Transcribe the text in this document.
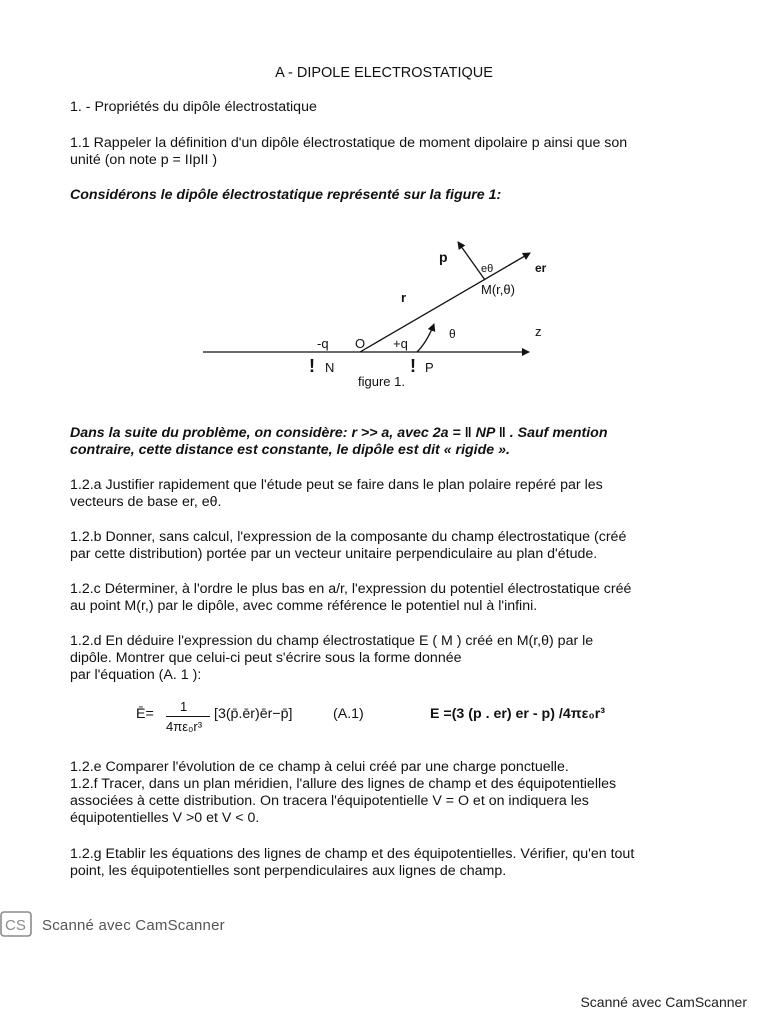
A - DIPOLE ELECTROSTATIQUE

1. - Propriétés du dipôle électrostatique

1.1 Rappeler la définition d'un dipôle électrostatique de moment dipolaire p ainsi que son

unité (on note p = IIpII )

Considérons le dipôle électrostatique représenté sur la figure 1:

p
eθ	er
M(r,θ)
r
θ	z
-q O +q
! N	! P
figure 1.

Dans la suite du problème, on considère: r >> a, avec 2a = ‖ NP ‖ . Sauf mention

contraire, cette distance est constante, le dipôle est dit « rigide ».

1.2.a Justifier rapidement que l'étude peut se faire dans le plan polaire repéré par les

vecteurs de base er, eθ.

1.2.b Donner, sans calcul, l'expression de la composante du champ électrostatique (créé

par cette distribution) portée par un vecteur unitaire perpendiculaire au plan d'étude.

1.2.c Déterminer, à l'ordre le plus bas en a/r, l'expression du potentiel électrostatique créé

au point M(r,) par le dipôle, avec comme référence le potentiel nul à l'infini.

1.2.d En déduire l'expression du champ électrostatique E ( M ) créé en M(r,θ) par le

dipôle. Montrer que celui-ci peut s'écrire sous la forme donnée

par l'équation (A. 1 ):

Ē= 1
4πε₀r³
[3(p̄.ēr)ēr−p̄]	(A.1)	E =(3 (p . er) er - p) /4πε₀r³

1.2.e Comparer l'évolution de ce champ à celui créé par une charge ponctuelle.

1.2.f Tracer, dans un plan méridien, l'allure des lignes de champ et des équipotentielles

associées à cette distribution. On tracera l'équipotentielle V = O et on indiquera les

équipotentielles V >0 et V < 0.

1.2.g Etablir les équations des lignes de champ et des équipotentielles. Vérifier, qu'en tout

point, les équipotentielles sont perpendiculaires aux lignes de champ.

CS Scanné avec CamScanner

Scanné avec CamScanner
